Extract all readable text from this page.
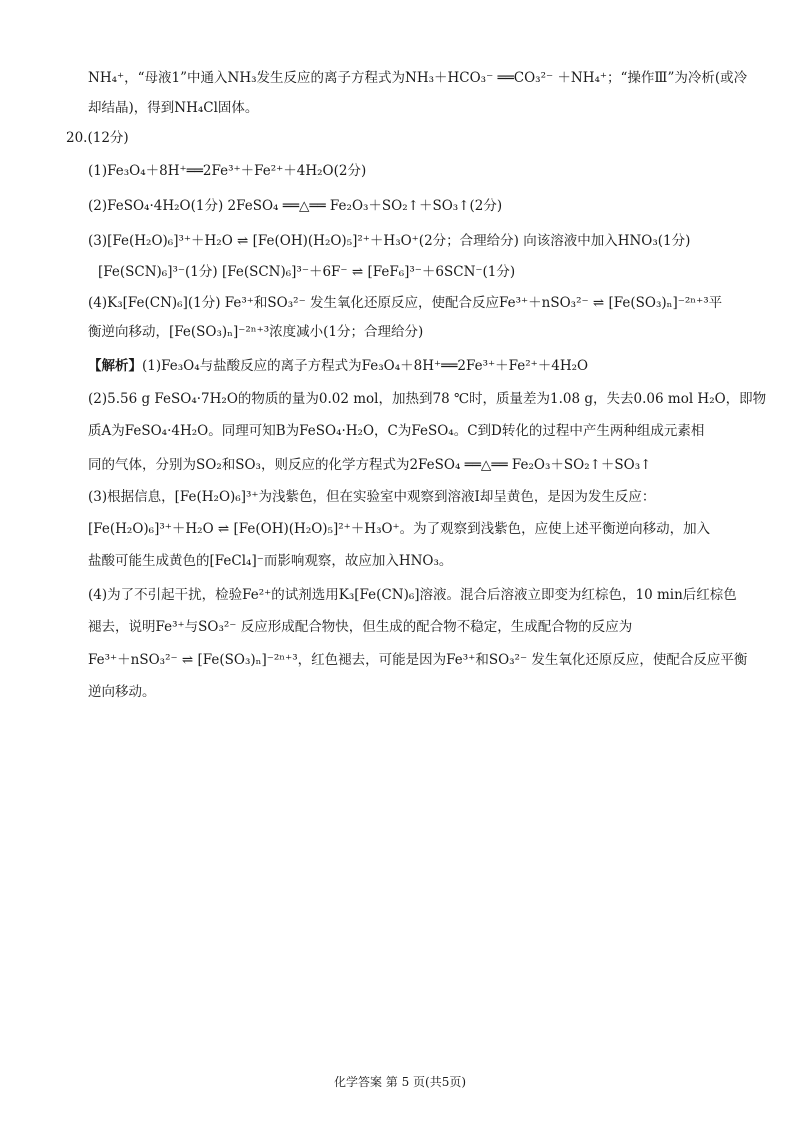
NH₄⁺，“母液1”中通入NH₃发生反应的离子方程式为NH₃＋HCO₃⁻ ══CO₃²⁻ ＋NH₄⁺；“操作Ⅲ”为冷析(或冷
却结晶)，得到NH₄Cl固体。
20.(12分)
(1)Fe₃O₄＋8H⁺══2Fe³⁺＋Fe²⁺＋4H₂O(2分)
(2)FeSO₄·4H₂O(1分) 2FeSO₄ ══△══ Fe₂O₃＋SO₂↑＋SO₃↑(2分)
(3)[Fe(H₂O)₆]³⁺＋H₂O ⇌ [Fe(OH)(H₂O)₅]²⁺＋H₃O⁺(2分；合理给分) 向该溶液中加入HNO₃(1分)
[Fe(SCN)₆]³⁻(1分) [Fe(SCN)₆]³⁻＋6F⁻ ⇌ [FeF₆]³⁻＋6SCN⁻(1分)
(4)K₃[Fe(CN)₆](1分) Fe³⁺和SO₃²⁻ 发生氧化还原反应，使配合反应Fe³⁺＋nSO₃²⁻ ⇌ [Fe(SO₃)ₙ]⁻²ⁿ⁺³平
衡逆向移动，[Fe(SO₃)ₙ]⁻²ⁿ⁺³浓度减小(1分；合理给分)
【解析】(1)Fe₃O₄与盐酸反应的离子方程式为Fe₃O₄＋8H⁺══2Fe³⁺＋Fe²⁺＋4H₂O
(2)5.56 g FeSO₄·7H₂O的物质的量为0.02 mol，加热到78 ℃时，质量差为1.08 g，失去0.06 mol H₂O，即物
质A为FeSO₄·4H₂O。同理可知B为FeSO₄·H₂O，C为FeSO₄。C到D转化的过程中产生两种组成元素相
同的气体，分别为SO₂和SO₃，则反应的化学方程式为2FeSO₄ ══△══ Fe₂O₃＋SO₂↑＋SO₃↑
(3)根据信息，[Fe(H₂O)₆]³⁺为浅紫色，但在实验室中观察到溶液Ⅰ却呈黄色，是因为发生反应：
[Fe(H₂O)₆]³⁺＋H₂O ⇌ [Fe(OH)(H₂O)₅]²⁺＋H₃O⁺。为了观察到浅紫色，应使上述平衡逆向移动，加入
盐酸可能生成黄色的[FeCl₄]⁻而影响观察，故应加入HNO₃。
(4)为了不引起干扰，检验Fe²⁺的试剂选用K₃[Fe(CN)₆]溶液。混合后溶液立即变为红棕色，10 min后红棕色
褪去，说明Fe³⁺与SO₃²⁻ 反应形成配合物快，但生成的配合物不稳定，生成配合物的反应为
Fe³⁺＋nSO₃²⁻ ⇌ [Fe(SO₃)ₙ]⁻²ⁿ⁺³，红色褪去，可能是因为Fe³⁺和SO₃²⁻ 发生氧化还原反应，使配合反应平衡
逆向移动。
化学答案 第 5 页(共5页)
